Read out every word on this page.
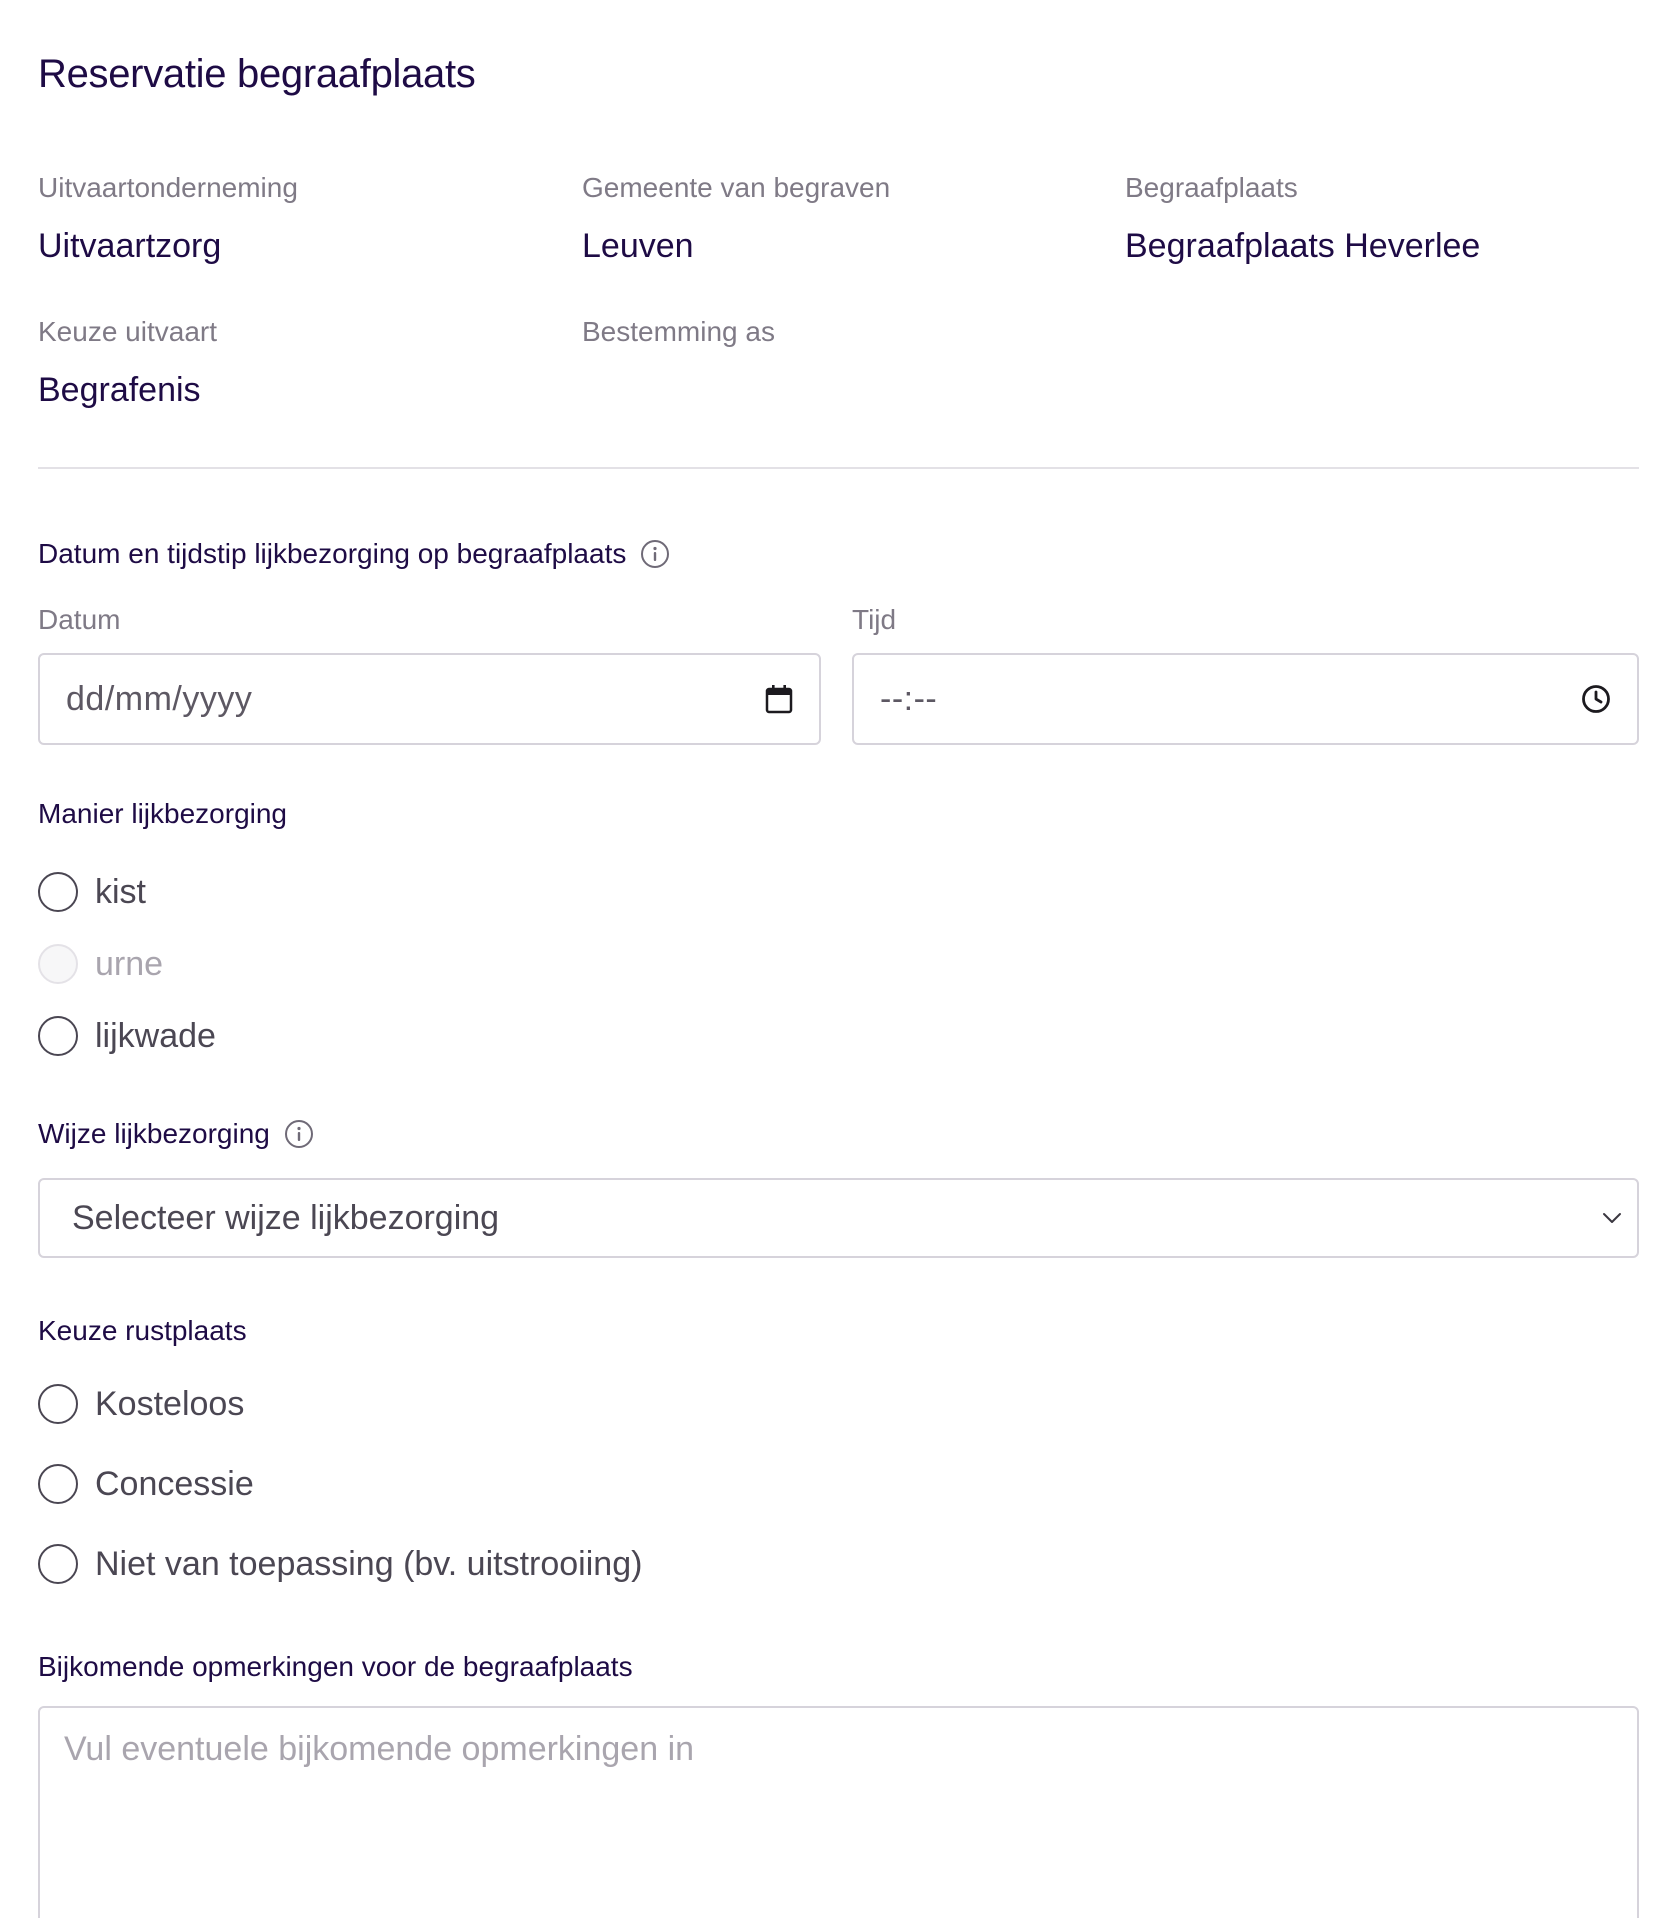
Reservatie begraafplaats
Uitvaartonderneming
Uitvaartzorg
Gemeente van begraven
Leuven
Begraafplaats
Begraafplaats Heverlee
Keuze uitvaart
Begrafenis
Bestemming as
Datum en tijdstip lijkbezorging op begraafplaats
Datum
dd/mm/yyyy
Tijd
--:--
Manier lijkbezorging
kist
urne
lijkwade
Wijze lijkbezorging
Selecteer wijze lijkbezorging
Keuze rustplaats
Kosteloos
Concessie
Niet van toepassing (bv. uitstrooiing)
Bijkomende opmerkingen voor de begraafplaats
Vul eventuele bijkomende opmerkingen in
